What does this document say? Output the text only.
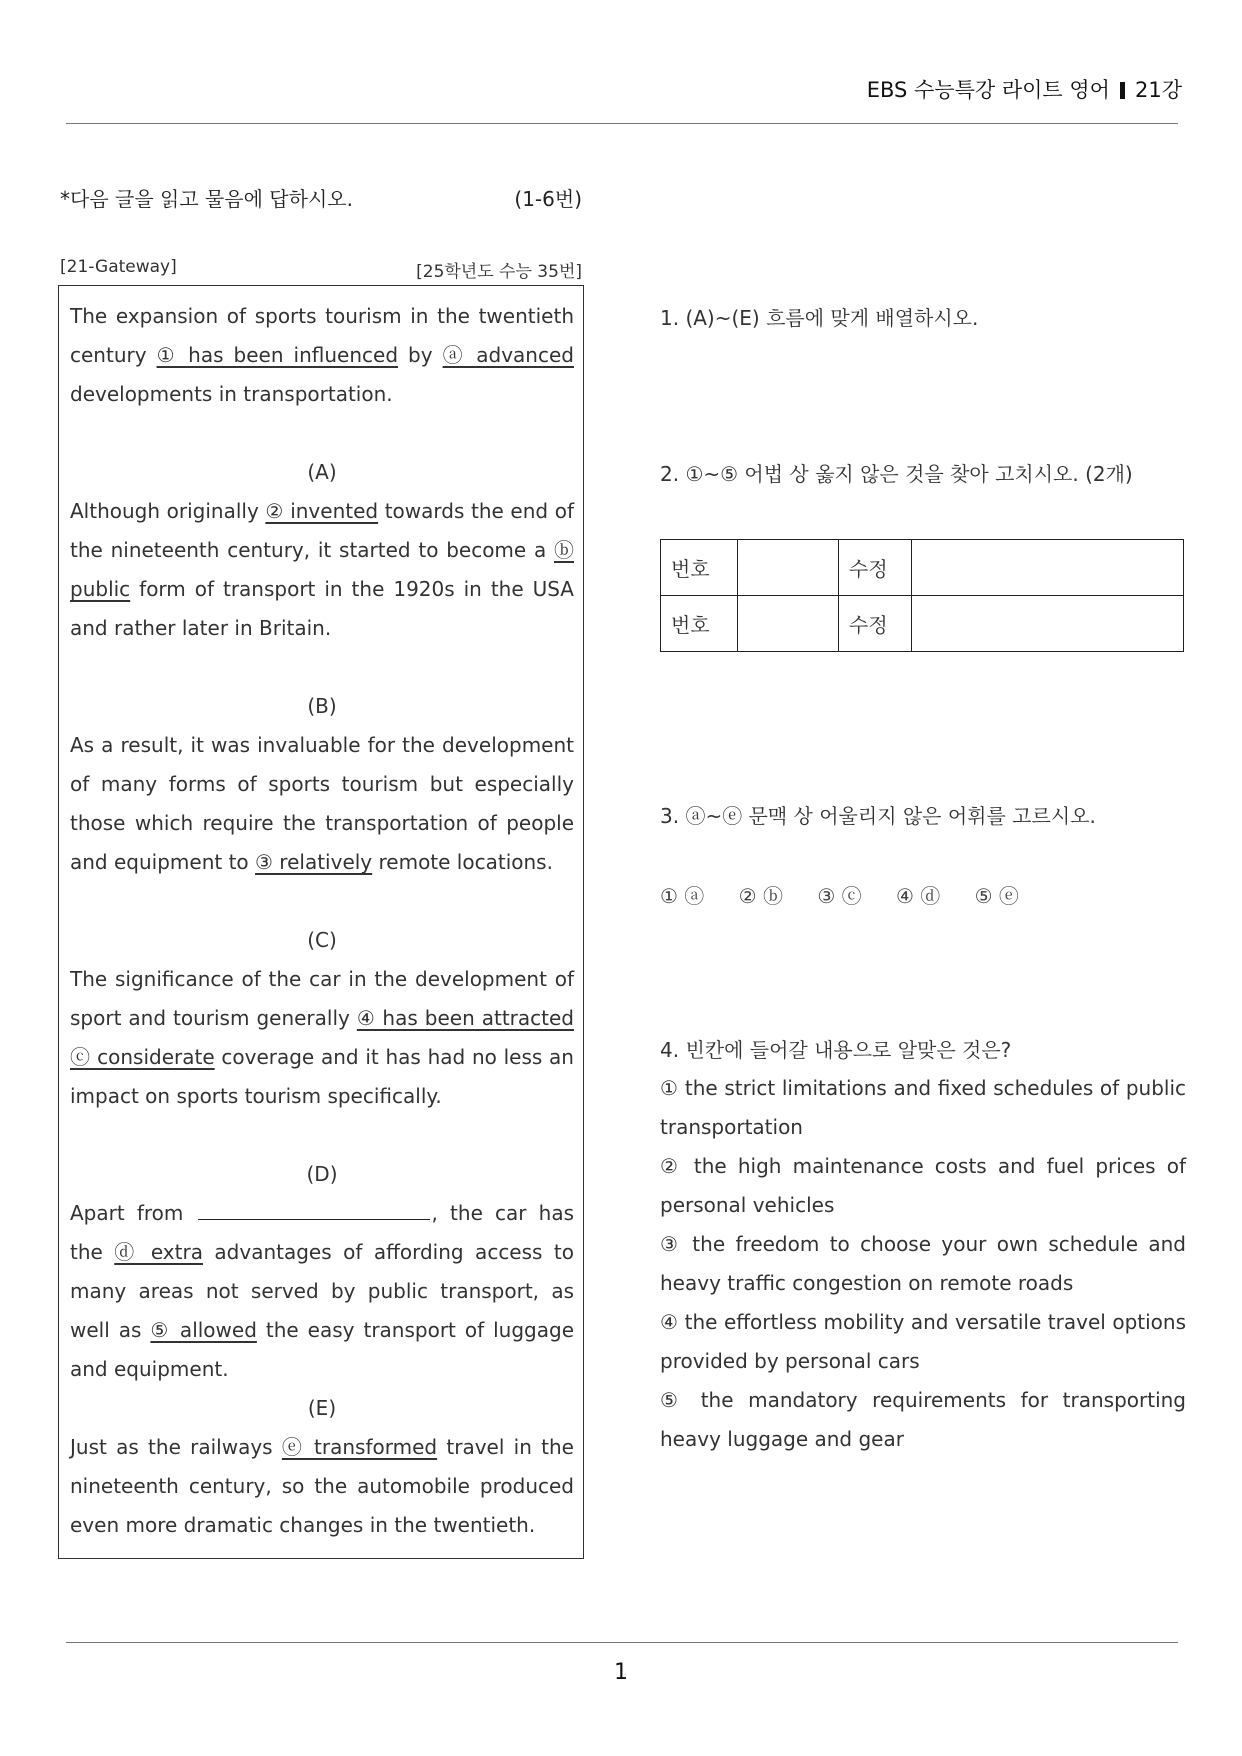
EBS 수능특강 라이트 영어 21강
*다음 글을 읽고 물음에 답하시오.	(1-6번)
[21-Gateway]	[25학년도 수능 35번]
The expansion of sports tourism in the twentieth century ① has been influenced by ⓐ advanced developments in transportation.
(A)
Although originally ② invented towards the end of the nineteenth century, it started to become a ⓑ public form of transport in the 1920s in the USA and rather later in Britain.
(B)
As a result, it was invaluable for the development of many forms of sports tourism but especially those which require the transportation of people and equipment to ③ relatively remote locations.
(C)
The significance of the car in the development of sport and tourism generally ④ has been attracted ⓒ considerate coverage and it has had no less an impact on sports tourism specifically.
(D)
Apart from	, the car has the ⓓ extra advantages of affording access to many areas not served by public transport, as well as ⑤ allowed the easy transport of luggage and equipment.
(E)
Just as the railways ⓔ transformed travel in the nineteenth century, so the automobile produced even more dramatic changes in the twentieth.
1. (A)~(E) 흐름에 맞게 배열하시오.
2. ①~⑤ 어법 상 옳지 않은 것을 찾아 고치시오. (2개)
번호		수정	
번호		수정	
3. ⓐ~ⓔ 문맥 상 어울리지 않은 어휘를 고르시오.
① ⓐ ② ⓑ ③ ⓒ ④ ⓓ ⑤ ⓔ
4. 빈칸에 들어갈 내용으로 알맞은 것은?
① the strict limitations and fixed schedules of public transportation
② the high maintenance costs and fuel prices of personal vehicles
③ the freedom to choose your own schedule and heavy traffic congestion on remote roads
④ the effortless mobility and versatile travel options provided by personal cars
⑤ the mandatory requirements for transporting heavy luggage and gear
1
